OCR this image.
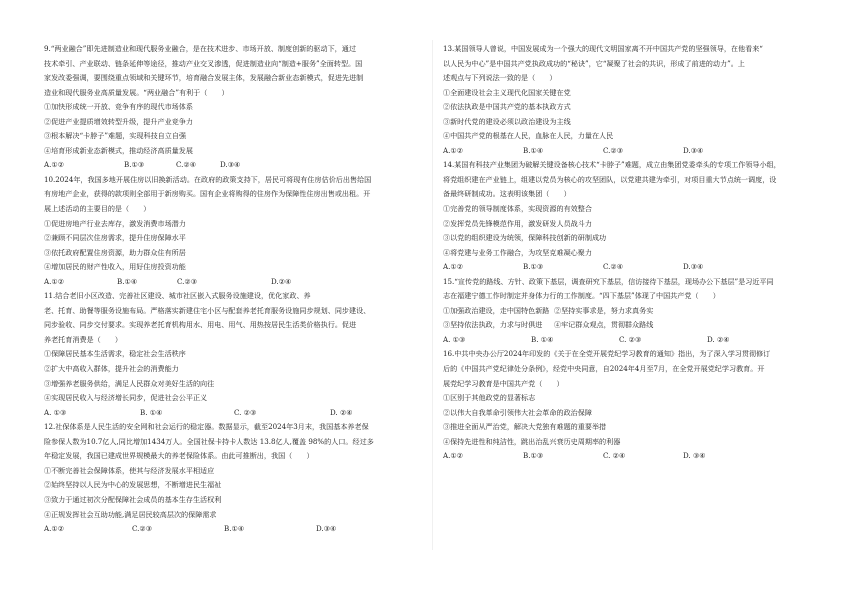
9.“两业融合”即先进制造业和现代服务业融合，是在技术进步、市场开放、制度创新的驱动下，通过
技术牵引、产业联动、链条延伸等途径，推动产业交叉渗透，促进制造业向“制造+服务”全面转型。国
家发改委强调，要围绕重点领域和关键环节，培育融合发展主体，发展融合新业态新模式，促进先进制
造业和现代服务业高质量发展。“两业融合”有利于（　　）
①加快形成统一开放、竞争有序的现代市场体系
②促进产业提质增效转型升级，提升产业竞争力
③根本解决“卡脖子”难题，实现科技自立自强
④培育形成新业态新模式，推动经济高质量发展
A.①②	B.①③	C.②④	D.③④
10.2024年，我国多地开展住房以旧换新活动。在政府的政策支持下，居民可将现有住房估价后出售给国
有房地产企业，获得的款项则全部用于新房购买。国有企业将购得的住房作为保障性住房出售或出租。开
展上述活动的主要目的是（　　）
①促进房地产行业去库存，激发消费市场潜力
②兼顾不同层次住房需求，提升住房保障水平
③依托政府配置住房资源，助力群众住有所居
④增加居民的财产性收入，用好住房投资功能
A.①②	B.①④	C.②③	D.②④
11.结合老旧小区改造、完善社区建设、城市社区嵌入式服务设施建设，优化家政、养
老、托育、助餐等服务设施布局。严格落实新建住宅小区与配套养老托育服务设施同步规划、同步建设、
同步验收、同步交付要求。实现养老托育机构用水、用电、用气、用热按居民生活类价格执行。促进
养老托育消费是（　　）
①保障居民基本生活需求，稳定社会生活秩序
②扩大中高收入群体，提升社会的消费能力
③增强养老服务供给，满足人民群众对美好生活的向往
④实现居民收入与经济增长同步，促进社会公平正义
A. ①③	B. ①④	C. ②③	D. ②④
12.社保体系是人民生活的安全网和社会运行的稳定器。数据显示，截至2024年3月末，我国基本养老保
险参保人数为10.7亿人,同比增加1434万人。全国社保卡持卡人数达 13.8亿人,覆盖 98%的人口。经过多
年稳定发展，我国已建成世界规模最大的养老保险体系。由此可推断出，我国（　　）
①不断完善社会保障体系，使其与经济发展水平相适应
②始终坚持以人民为中心的发展思想，不断增进民生福祉
③致力于通过初次分配保障社会成员的基本生存生活权利
④正规发挥社会互助功能,满足居民较高层次的保障需求
A.①②	C.②③	B.①④	D.③④
13.某国领导人曾说，中国发展成为一个强大的现代文明国家离不开中国共产党的坚强领导，在他看来“
以人民为中心”是中国共产党执政成功的“秘诀”，它“凝聚了社会的共识，形成了前进的动力”。上
述观点与下列说法一致的是（　　）
①全面建设社会主义现代化国家关键在党
②依法执政是中国共产党的基本执政方式
③新时代党的建设必须以政治建设为主线
④中国共产党的根基在人民，血脉在人民，力量在人民
A.①②	B.①④	C.②③	D.③④
14.某国有科技产业集团为破解关键设备核心技术“卡脖子”难题，成立由集团党委牵头的专项工作领导小组，
将党组织建在产业链上，组建以党员为核心的攻坚团队，以党建共建为牵引，对项目重大节点统一调度，设
备最终研制成功。这表明该集团（　　）
①完善党的领导制度体系，实现资源的有效整合
②发挥党员先锋模范作用，激发研发人员战斗力
③以党的组织建设为统领，保障科技创新的研制成功
④将党建与业务工作融合，为攻坚克难凝心聚力
A.①②	B.①③	C.②④	D.③④
15.“宣传党的路线、方针、政策下基层，调查研究下基层，信访接待下基层，现场办公下基层”是习近平同
志在福建宁德工作时制定并身体力行的工作制度。“四下基层”体现了中国共产党（　　）
①加强政治建设，走中国特色新路 ②坚持实事求是，努力求真务实
③坚持依法执政，力求与时俱进	④牢记群众观点，贯彻群众路线
A. ①③	B. ①④	C. ②③	D. ②④
16.中共中央办公厅2024年印发的《关于在全党开展党纪学习教育的通知》指出，为了深入学习贯彻修订
后的《中国共产党纪律处分条例》，经党中央同意，自2024年4月至7月，在全党开展党纪学习教育。开
展党纪学习教育是中国共产党（　　）
①区别于其他政党的显著标志
②以伟大自我革命引领伟大社会革命的政治保障
③推进全面从严治党，解决大党独有难题的重要举措
④保持先进性和纯洁性，跳出治乱兴衰历史周期率的利器
A.①②	B.①③	C. ②④	D. ③④
